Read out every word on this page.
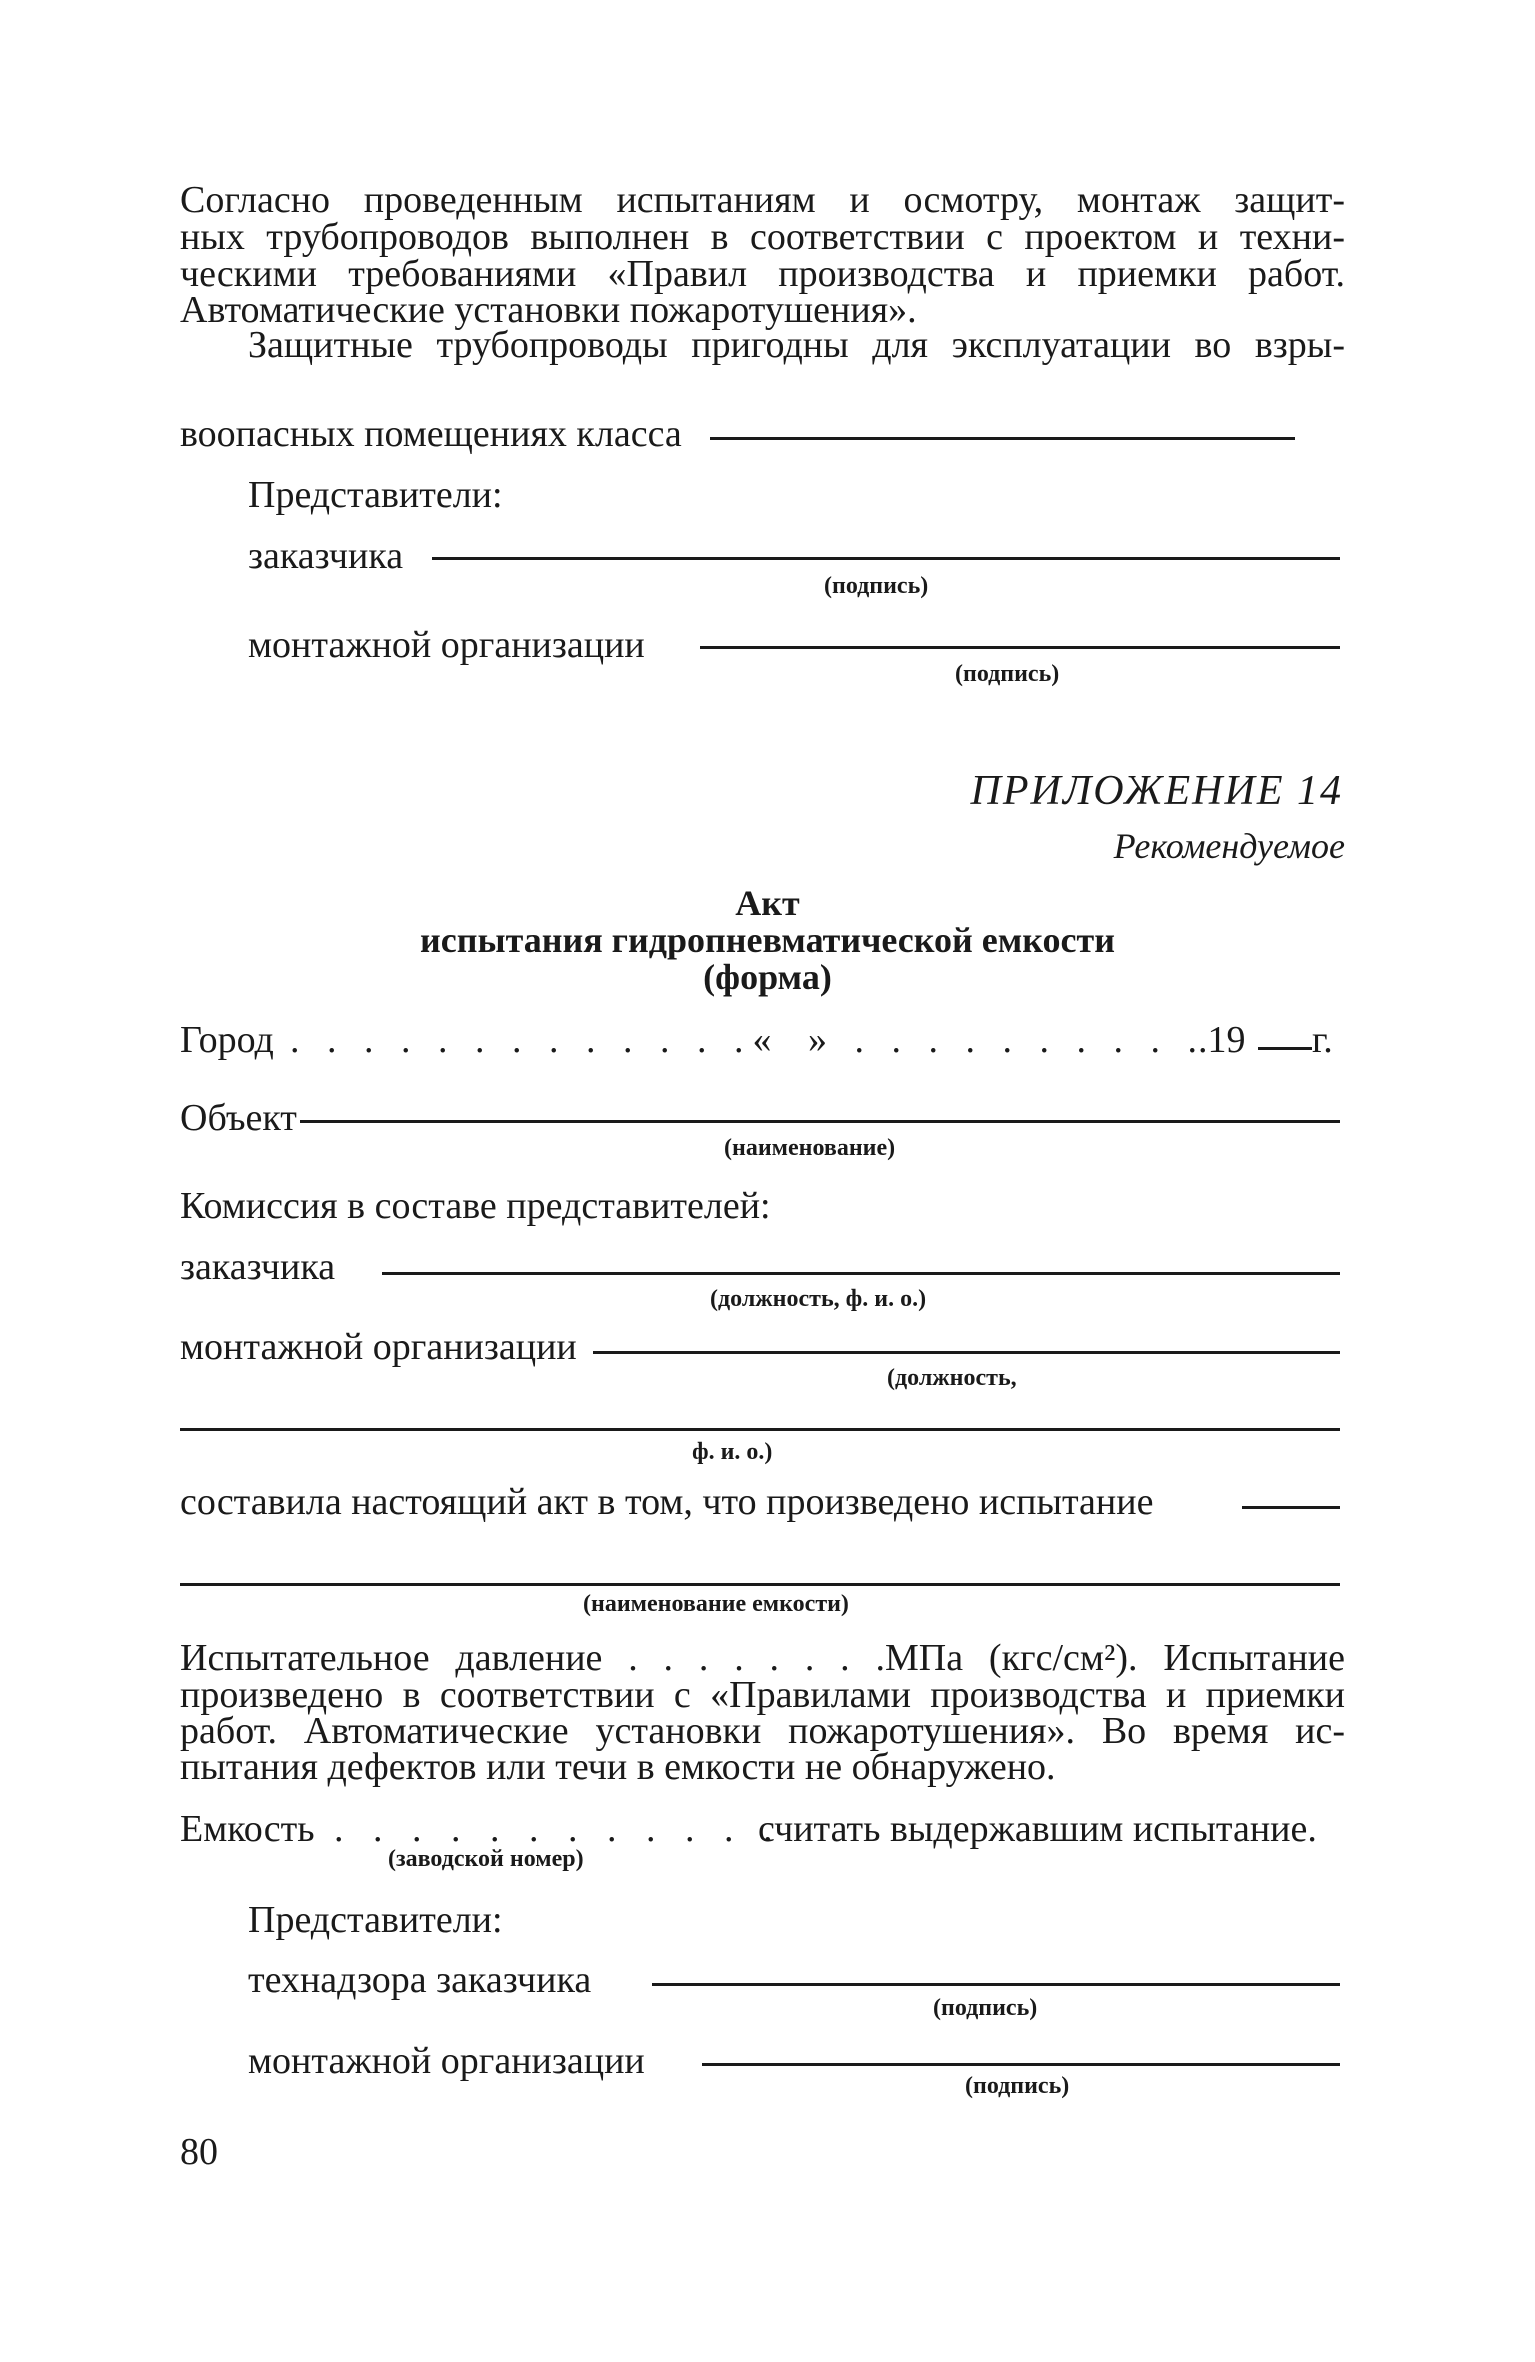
Согласно проведенным испытаниям и осмотру, монтаж защит-
ных трубопроводов выполнен в соответствии с проектом и техни-
ческими требованиями «Правил производства и приемки работ.
Автоматические установки пожаротушения».
Защитные трубопроводы пригодны для эксплуатации во взры-
воопасных помещениях класса
Представители:
заказчика
(подпись)
монтажной организации
(подпись)
ПРИЛОЖЕНИЕ 14
Рекомендуемое
Акт
испытания гидропневматической емкости
(форма)
Город . . . . . . . . . . . . .« » . . . . . . . . . .
.19 г.
Объект
(наименование)
Комиссия в составе представителей:
заказчика
(должность, ф. и. о.)
монтажной организации
(должность,
ф. и. о.)
составила настоящий акт в том, что произведено испытание
(наименование емкости)
Испытательное давление . . . . . . . .МПа (кгс/см²). Испытание
произведено в соответствии с «Правилами производства и приемки
работ. Автоматические установки пожаротушения». Во время ис-
пытания дефектов или течи в емкости не обнаружено.
Емкость . . . . . . . . . . . .
считать выдержавшим испытание.
(заводской номер)
Представители:
технадзора заказчика
(подпись)
монтажной организации
(подпись)
80
